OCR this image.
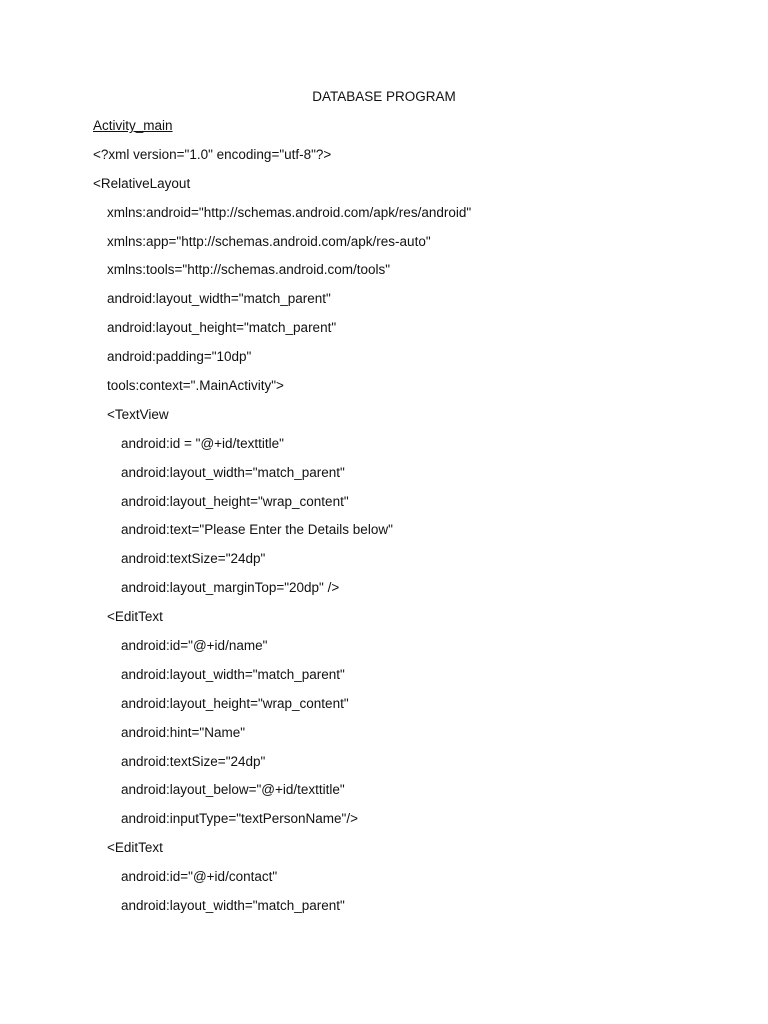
DATABASE PROGRAM
Activity_main
<?xml version="1.0" encoding="utf-8"?>
<RelativeLayout
xmlns:android="http://schemas.android.com/apk/res/android"
xmlns:app="http://schemas.android.com/apk/res-auto"
xmlns:tools="http://schemas.android.com/tools"
android:layout_width="match_parent"
android:layout_height="match_parent"
android:padding="10dp"
tools:context=".MainActivity">
<TextView
android:id = "@+id/texttitle"
android:layout_width="match_parent"
android:layout_height="wrap_content"
android:text="Please Enter the Details below"
android:textSize="24dp"
android:layout_marginTop="20dp" />
<EditText
android:id="@+id/name"
android:layout_width="match_parent"
android:layout_height="wrap_content"
android:hint="Name"
android:textSize="24dp"
android:layout_below="@+id/texttitle"
android:inputType="textPersonName"/>
<EditText
android:id="@+id/contact"
android:layout_width="match_parent"
